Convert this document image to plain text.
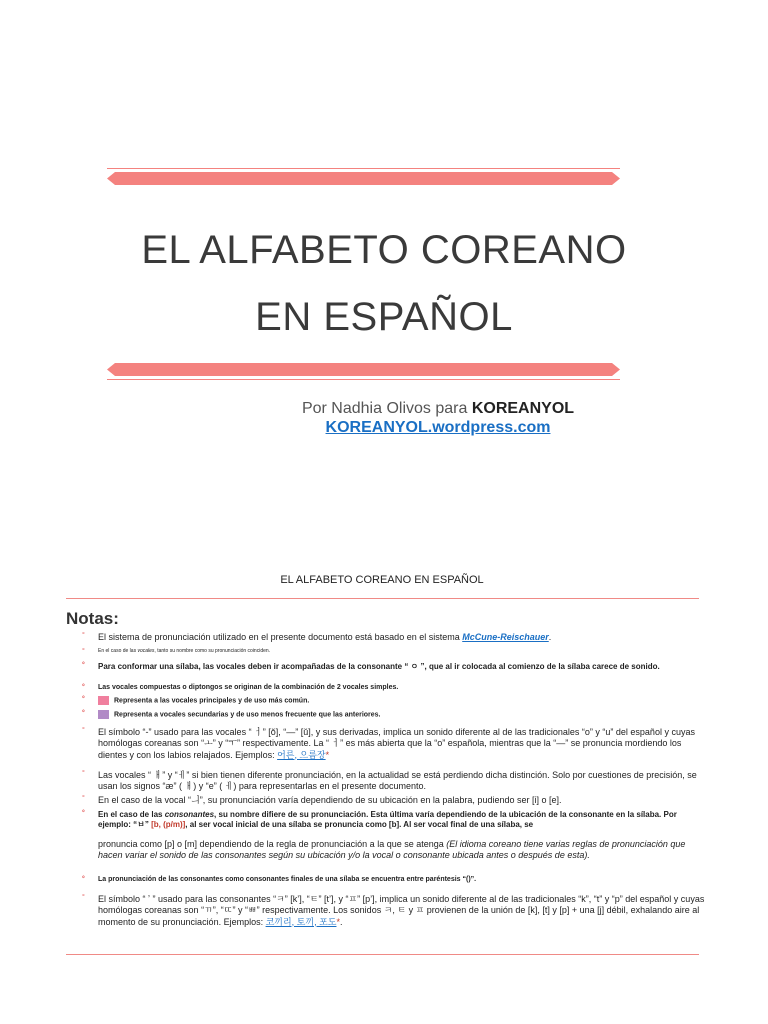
EL ALFABETO COREANO
EN ESPAÑOL
Por Nadhia Olivos para KOREANYOL
KOREANYOL.wordpress.com
EL ALFABETO COREANO EN ESPAÑOL
Notas:
° El sistema de pronunciación utilizado en el presente documento está basado en el sistema McCune-Reischauer.
°	En el caso de las vocales, tanto su nombre como su pronunciación coinciden.
° Para conformar una sílaba, las vocales deben ir acompañadas de la consonante “ ㅇ ”, que al ir colocada al comienzo de la sílaba carece de sonido.
° Las vocales compuestas o diptongos se originan de la combinación de 2 vocales simples.
°	Representa a las vocales principales y de uso más común.
°	Representa a vocales secundarias y de uso menos frecuente que las anteriores.
° El símbolo “-” usado para las vocales “ ㅓ” [ŏ], “—” [ŭ], y sus derivadas, implica un sonido diferente al de las tradicionales “o” y “u” del español y cuyas homólogas coreanas son “ㅗ” y “ㅜ” respectivamente. La “ ㅓ” es más abierta que la “o” española, mientras que la “—” se pronuncia mordiendo los dientes y con los labios relajados. Ejemplos: 어른, 으름장*
° Las vocales “ ㅐ” y “ㅔ” si bien tienen diferente pronunciación, en la actualidad se está perdiendo dicha distinción. Solo por cuestiones de precisión, se usan los signos “æ” ( ㅐ) y “e” ( ㅔ) para representarlas en el presente documento.
° En el caso de la vocal “ㅢ”, su pronunciación varía dependiendo de su ubicación en la palabra, pudiendo ser [i] o [e].
° En el caso de las consonantes, su nombre difiere de su pronunciación. Esta última varía dependiendo de la ubicación de la consonante en la sílaba. Por ejemplo: “ㅂ” [b, (p/m)], al ser vocal inicial de una sílaba se pronuncia como [b]. Al ser vocal final de una sílaba, se
pronuncia como [p] o [m] dependiendo de la regla de pronunciación a la que se atenga (El idioma coreano tiene varias reglas de pronunciación que hacen variar el sonido de las consonantes según su ubicación y/o la vocal o consonante ubicada antes o después de esta).
° La pronunciación de las consonantes como consonantes finales de una sílaba se encuentra entre paréntesis “()”.
° El símbolo “ ʼ ” usado para las consonantes “ㅋ” [k’], “ㅌ” [t’], y “ㅍ” [p’], implica un sonido diferente al de las tradicionales “k”, “t” y “p” del español y cuyas homólogas coreanas son “ㄲ”, “ㄸ” y “ㅃ” respectivamente. Los sonidos ㅋ, ㅌ y ㅍ provienen de la unión de [k], [t] y [p] + una [j] débil, exhalando aire al momento de su pronunciación. Ejemplos: 코끼리, 토끼, 포도*.
